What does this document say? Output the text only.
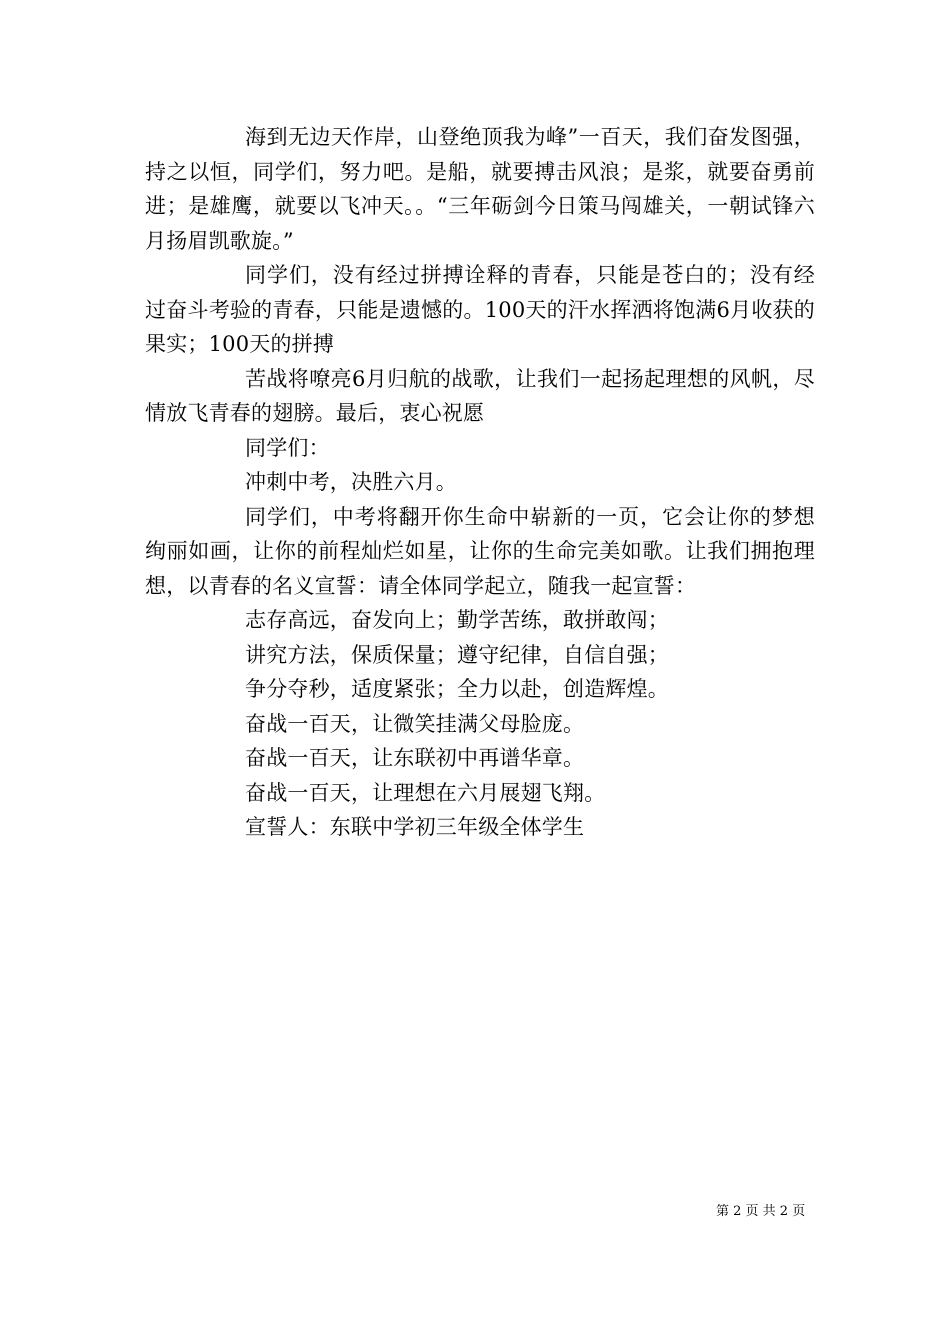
海到无边天作岸，山登绝顶我为峰”一百天，我们奋发图强，持之以恒，同学们，努力吧。是船，就要搏击风浪；是浆，就要奋勇前进；是雄鹰，就要以飞冲天。。“三年砺剑今日策马闯雄关，一朝试锋六月扬眉凯歌旋。”

同学们，没有经过拼搏诠释的青春，只能是苍白的；没有经过奋斗考验的青春，只能是遗憾的。100天的汗水挥洒将饱满6月收获的果实；100天的拼搏

苦战将嘹亮6月归航的战歌，让我们一起扬起理想的风帆，尽情放飞青春的翅膀。最后，衷心祝愿

同学们：

冲刺中考，决胜六月。

同学们，中考将翻开你生命中崭新的一页，它会让你的梦想绚丽如画，让你的前程灿烂如星，让你的生命完美如歌。让我们拥抱理想，以青春的名义宣誓：请全体同学起立，随我一起宣誓：

志存高远，奋发向上；勤学苦练，敢拼敢闯；

讲究方法，保质保量；遵守纪律，自信自强；

争分夺秒，适度紧张；全力以赴，创造辉煌。

奋战一百天，让微笑挂满父母脸庞。

奋战一百天，让东联初中再谱华章。

奋战一百天，让理想在六月展翅飞翔。

宣誓人：东联中学初三年级全体学生

第 2 页 共 2 页
